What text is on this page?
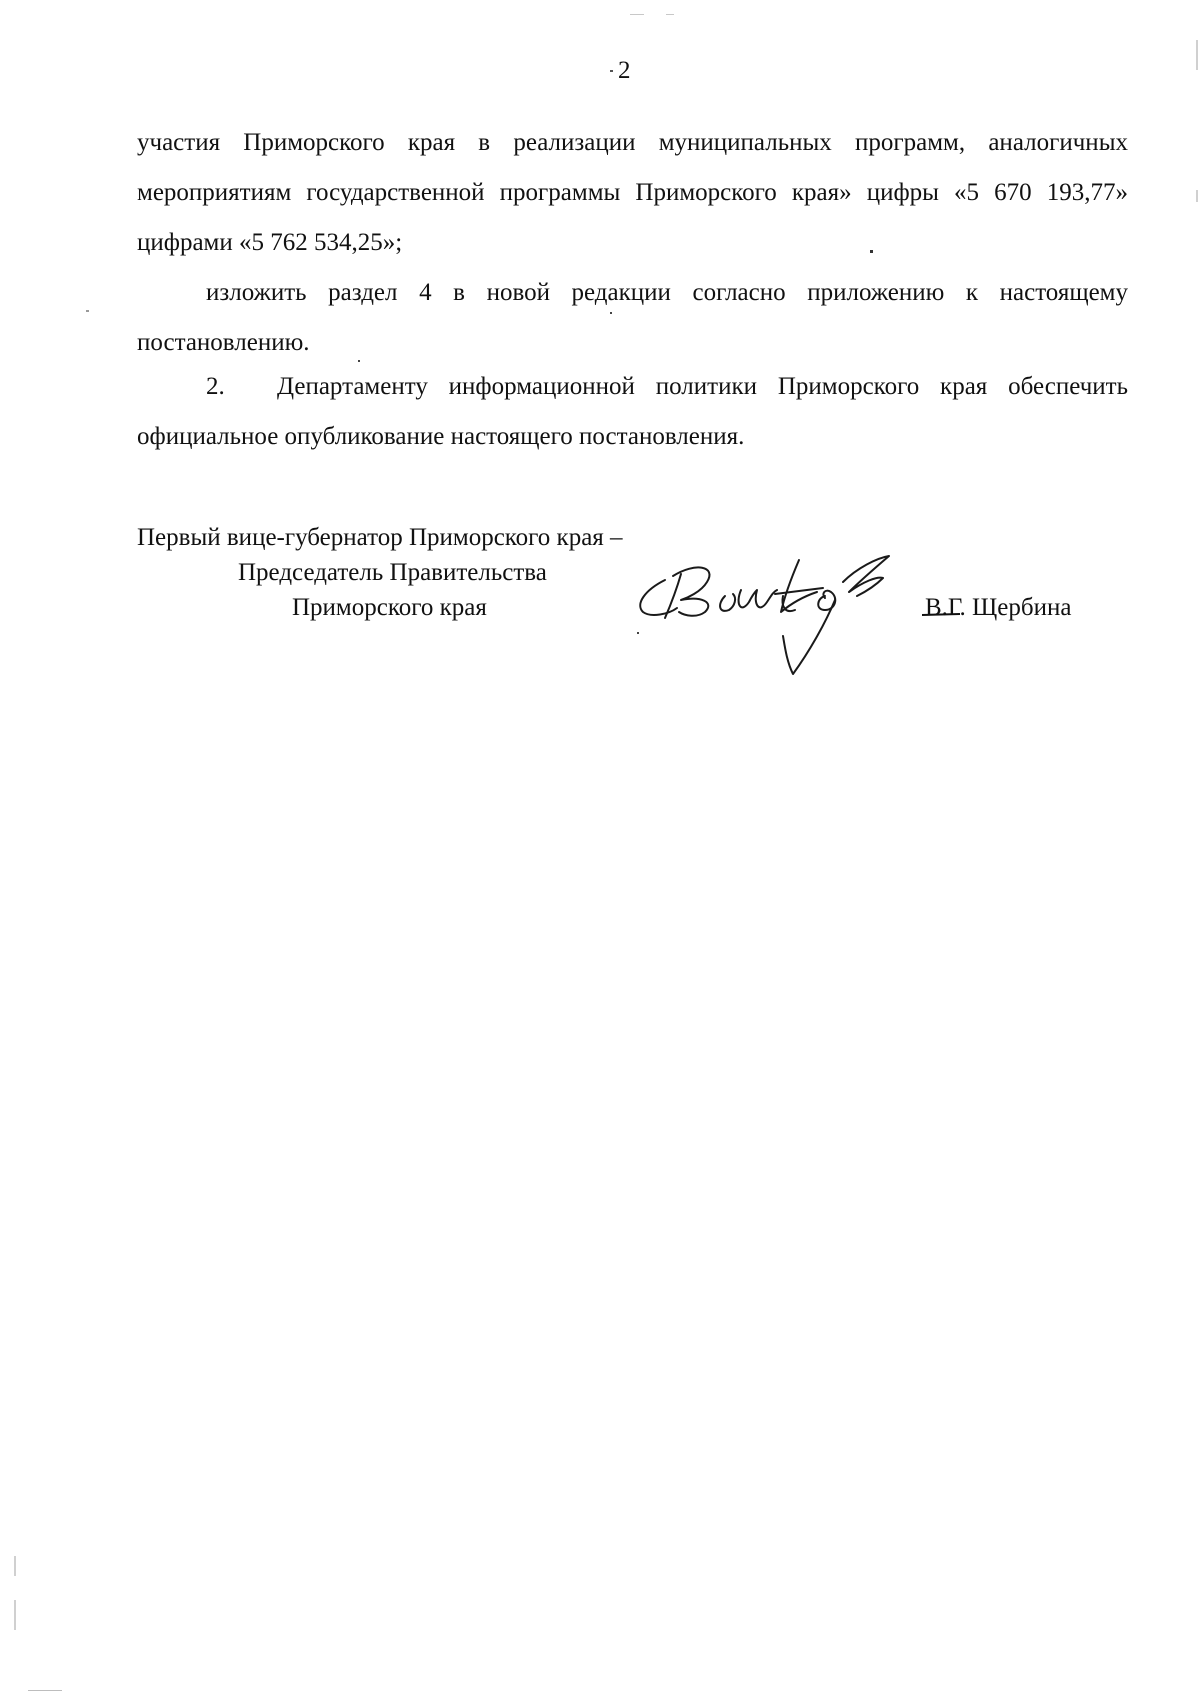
2

участия Приморского края в реализации муниципальных программ, аналогичных мероприятиям государственной программы Приморского края» цифры «5 670 193,77» цифрами «5 762 534,25»;

изложить раздел 4 в новой редакции согласно приложению к настоящему постановлению.

2. Департаменту информационной политики Приморского края обеспечить официальное опубликование настоящего постановления.

Первый вице-губернатор Приморского края –
Председатель Правительства
Приморского края	В.Г. Щербина
